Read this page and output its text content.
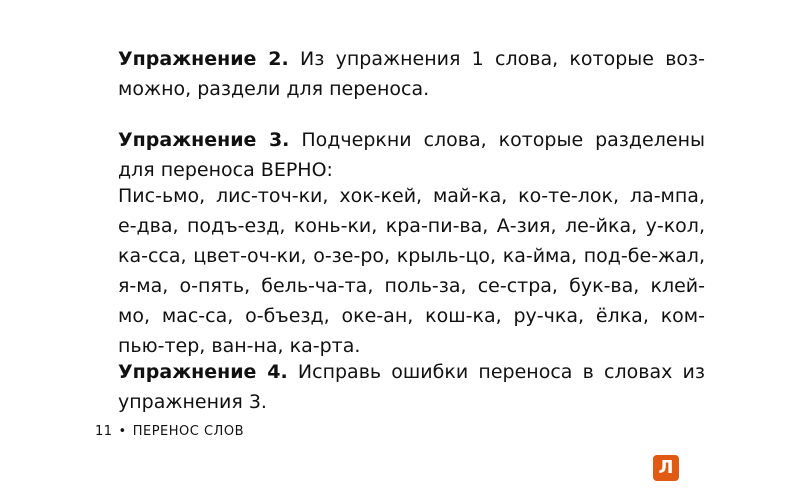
Упражнение 2. Из упражнения 1 слова, которые возможно, раздели для переноса.
Упражнение 3. Подчеркни слова, которые разделены для переноса ВЕРНО:
Пис-ьмо, лис-точ-ки, хок-кей, май-ка, ко-те-лок, ла-мпа, е-два, подъ-езд, конь-ки, кра-пи-ва, А-зия, ле-йка, у-кол, ка-сса, цвет-оч-ки, о-зе-ро, крыль-цо, ка-йма, под-бе-жал, я-ма, о-пять, бель-ча-та, поль-за, се-стра, бук-ва, клей-мо, мас-са, о-бъезд, оке-ан, кош-ка, ру-чка, ёлка, ком-пью-тер, ван-на, ка-рта.
Упражнение 4. Исправь ошибки переноса в словах из упражнения 3.
11 • ПЕРЕНОС СЛОВ
Л
